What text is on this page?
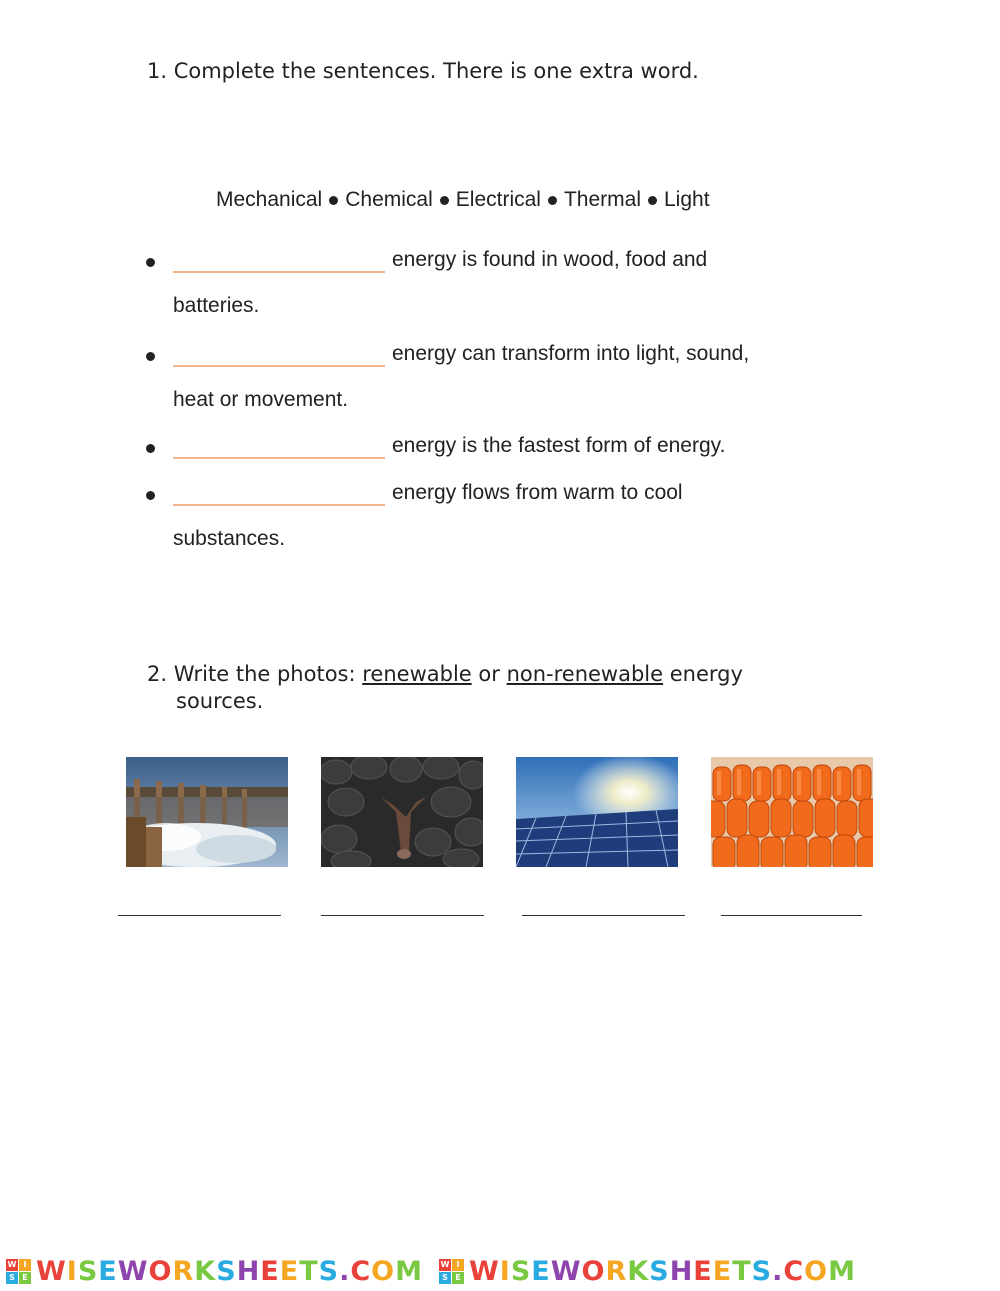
1. Complete the sentences. There is one extra word.
Mechanical Chemical Electrical Thermal Light
energy is found in wood, food and
batteries.
energy can transform into light, sound,
heat or movement.
energy is the fastest form of energy.
energy flows from warm to cool
substances.
2. Write the photos: renewable or non-renewable energy
sources.
W I
S E WISEWORKSHEETS.COM W I
S E WISEWORKSHEETS.COM
